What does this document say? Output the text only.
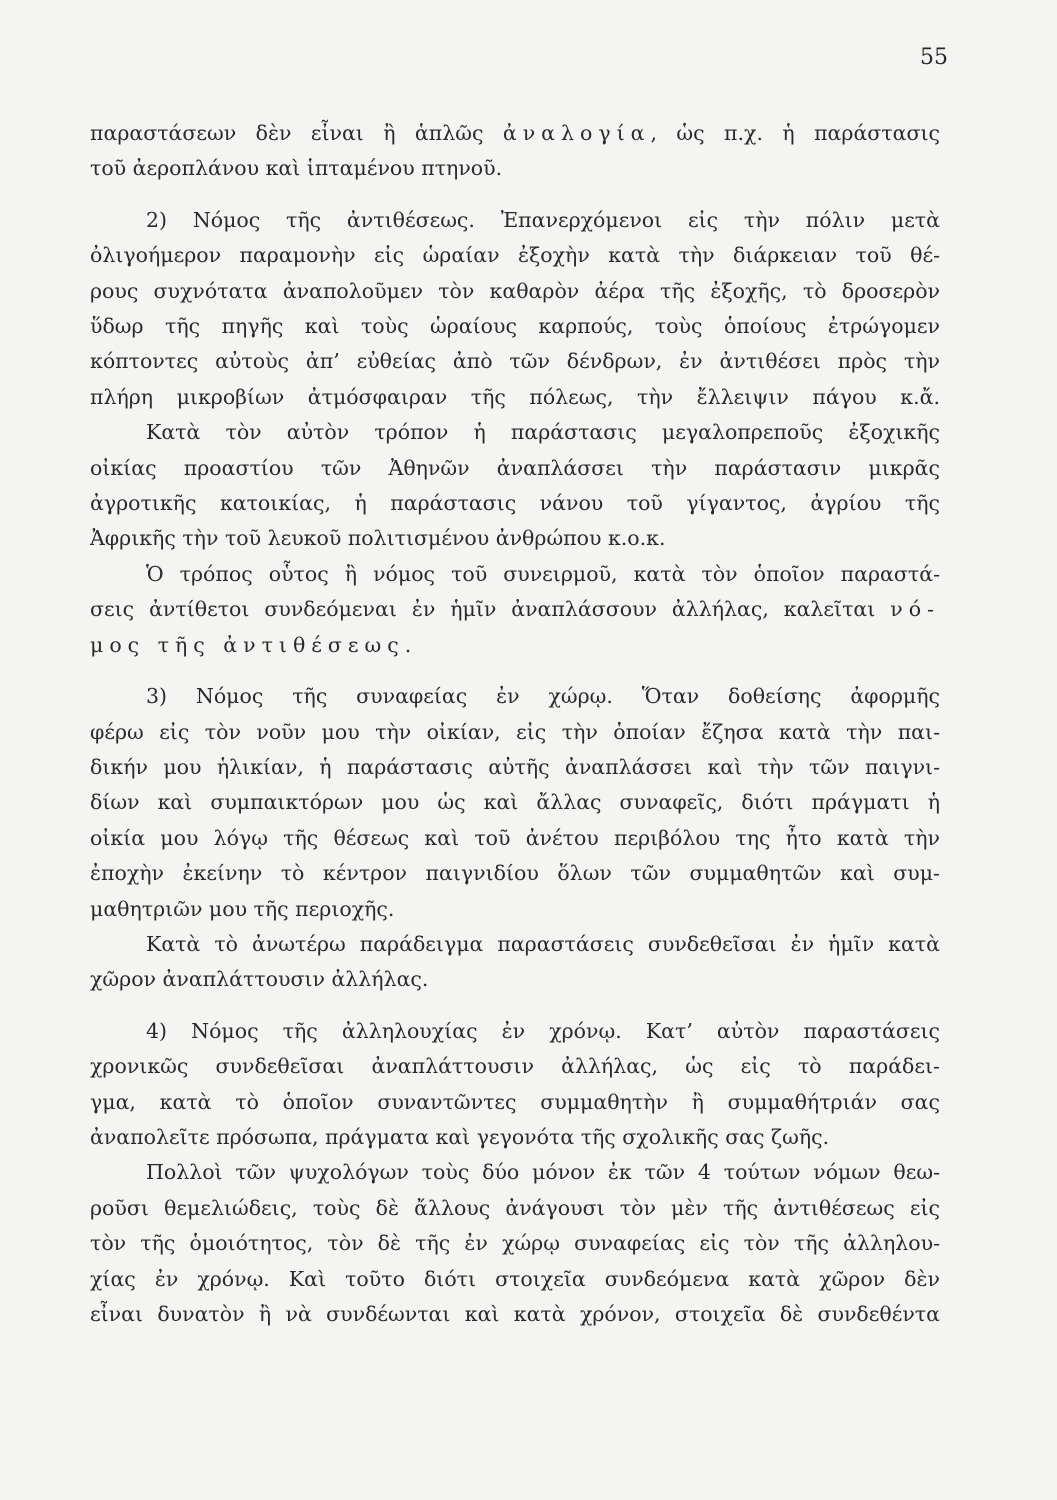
55

παραστάσεων δὲν εἶναι ἢ ἁπλῶς ἀναλογία, ὡς π.χ. ἡ παράστασις

τοῦ ἀεροπλάνου καὶ ἱπταμένου πτηνοῦ.

2) Νόμος τῆς ἀντιθέσεως. Ἐπανερχόμενοι εἰς τὴν πόλιν μετὰ

ὀλιγοήμερον παραμονὴν εἰς ὡραίαν ἐξοχὴν κατὰ τὴν διάρκειαν τοῦ θέ-

ρους συχνότατα ἀναπολοῦμεν τὸν καθαρὸν ἀέρα τῆς ἐξοχῆς, τὸ δροσερὸν

ὕδωρ τῆς πηγῆς καὶ τοὺς ὡραίους καρπούς, τοὺς ὁποίους ἐτρώγομεν

κόπτοντες αὐτοὺς ἀπ’ εὐθείας ἀπὸ τῶν δένδρων, ἐν ἀντιθέσει πρὸς τὴν

πλήρη μικροβίων ἀτμόσφαιραν τῆς πόλεως, τὴν ἔλλειψιν πάγου κ.ἄ.

Κατὰ τὸν αὐτὸν τρόπον ἡ παράστασις μεγαλοπρεποῦς ἐξοχικῆς

οἰκίας προαστίου τῶν Ἀθηνῶν ἀναπλάσσει τὴν παράστασιν μικρᾶς

ἀγροτικῆς κατοικίας, ἡ παράστασις νάνου τοῦ γίγαντος, ἀγρίου τῆς

Ἀφρικῆς τὴν τοῦ λευκοῦ πολιτισμένου ἀνθρώπου κ.ο.κ.

Ὁ τρόπος οὗτος ἢ νόμος τοῦ συνειρμοῦ, κατὰ τὸν ὁποῖον παραστά-

σεις ἀντίθετοι συνδεόμεναι ἐν ἡμῖν ἀναπλάσσουν ἀλλήλας, καλεῖται νό-

μος τῆς ἀντιθέσεως.

3) Νόμος τῆς συναφείας ἐν χώρῳ. Ὅταν δοθείσης ἀφορμῆς

φέρω εἰς τὸν νοῦν μου τὴν οἰκίαν, εἰς τὴν ὁποίαν ἔζησα κατὰ τὴν παι-

δικήν μου ἡλικίαν, ἡ παράστασις αὐτῆς ἀναπλάσσει καὶ τὴν τῶν παιγνι-

δίων καὶ συμπαικτόρων μου ὡς καὶ ἄλλας συναφεῖς, διότι πράγματι ἡ

οἰκία μου λόγῳ τῆς θέσεως καὶ τοῦ ἀνέτου περιβόλου της ἦτο κατὰ τὴν

ἐποχὴν ἐκείνην τὸ κέντρον παιγνιδίου ὅλων τῶν συμμαθητῶν καὶ συμ-

μαθητριῶν μου τῆς περιοχῆς.

Κατὰ τὸ ἀνωτέρω παράδειγμα παραστάσεις συνδεθεῖσαι ἐν ἡμῖν κατὰ

χῶρον ἀναπλάττουσιν ἀλλήλας.

4) Νόμος τῆς ἀλληλουχίας ἐν χρόνῳ. Κατ’ αὐτὸν παραστάσεις

χρονικῶς συνδεθεῖσαι ἀναπλάττουσιν ἀλλήλας, ὡς εἰς τὸ παράδει-

γμα, κατὰ τὸ ὁποῖον συναντῶντες συμμαθητὴν ἢ συμμαθήτριάν σας

ἀναπολεῖτε πρόσωπα, πράγματα καὶ γεγονότα τῆς σχολικῆς σας ζωῆς.

Πολλοὶ τῶν ψυχολόγων τοὺς δύο μόνον ἐκ τῶν 4 τούτων νόμων θεω-

ροῦσι θεμελιώδεις, τοὺς δὲ ἄλλους ἀνάγουσι τὸν μὲν τῆς ἀντιθέσεως εἰς

τὸν τῆς ὁμοιότητος, τὸν δὲ τῆς ἐν χώρῳ συναφείας εἰς τὸν τῆς ἀλληλου-

χίας ἐν χρόνῳ. Καὶ τοῦτο διότι στοιχεῖα συνδεόμενα κατὰ χῶρον δὲν

εἶναι δυνατὸν ἢ νὰ συνδέωνται καὶ κατὰ χρόνον, στοιχεῖα δὲ συνδεθέντα
